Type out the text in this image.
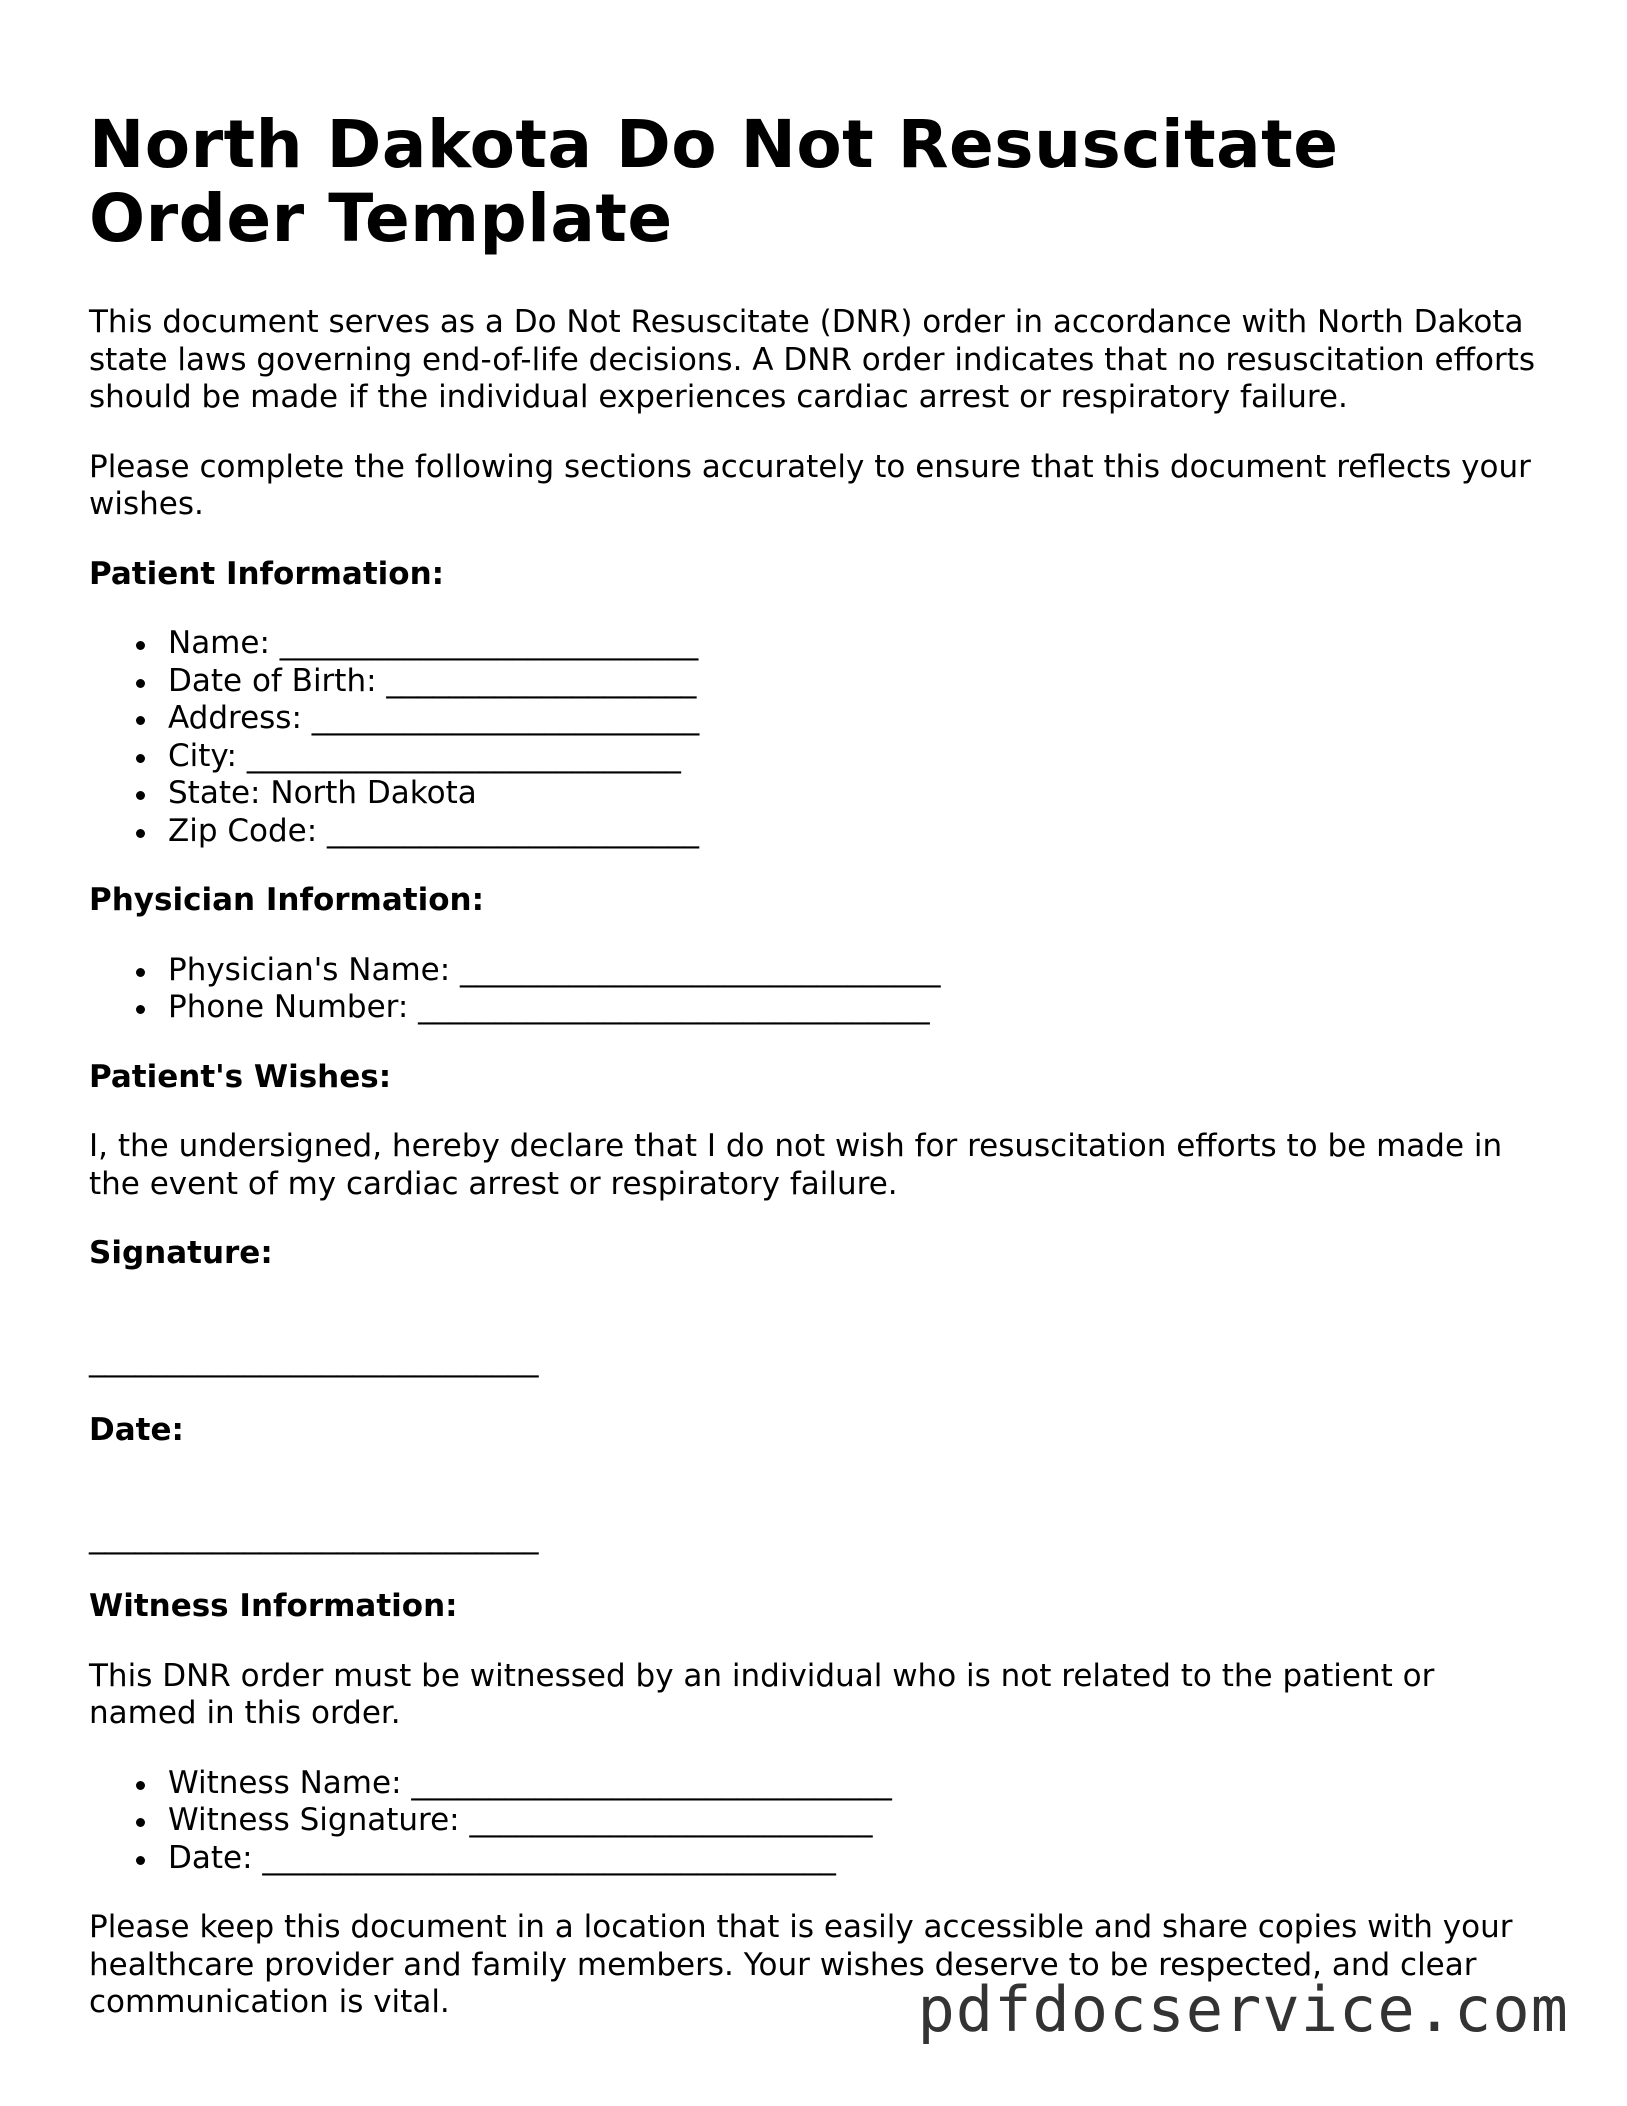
North Dakota Do Not Resuscitate Order Template

This document serves as a Do Not Resuscitate (DNR) order in accordance with North Dakota state laws governing end-of-life decisions. A DNR order indicates that no resuscitation efforts should be made if the individual experiences cardiac arrest or respiratory failure.

Please complete the following sections accurately to ensure that this document reflects your wishes.

Patient Information:
Name: ___________________________
Date of Birth: ____________________
Address: _________________________
City: ____________________________
State: North Dakota
Zip Code: ________________________
Physician Information:
Physician's Name: _______________________________
Phone Number: _________________________________
Patient's Wishes:

I, the undersigned, hereby declare that I do not wish for resuscitation efforts to be made in the event of my cardiac arrest or respiratory failure.

Signature:
_____________________________
Date:
_____________________________
Witness Information:

This DNR order must be witnessed by an individual who is not related to the patient or named in this order.

Witness Name: _______________________________
Witness Signature: __________________________
Date: _____________________________________

Please keep this document in a location that is easily accessible and share copies with your healthcare provider and family members. Your wishes deserve to be respected, and clear communication is vital.	pdfdocservice.com
